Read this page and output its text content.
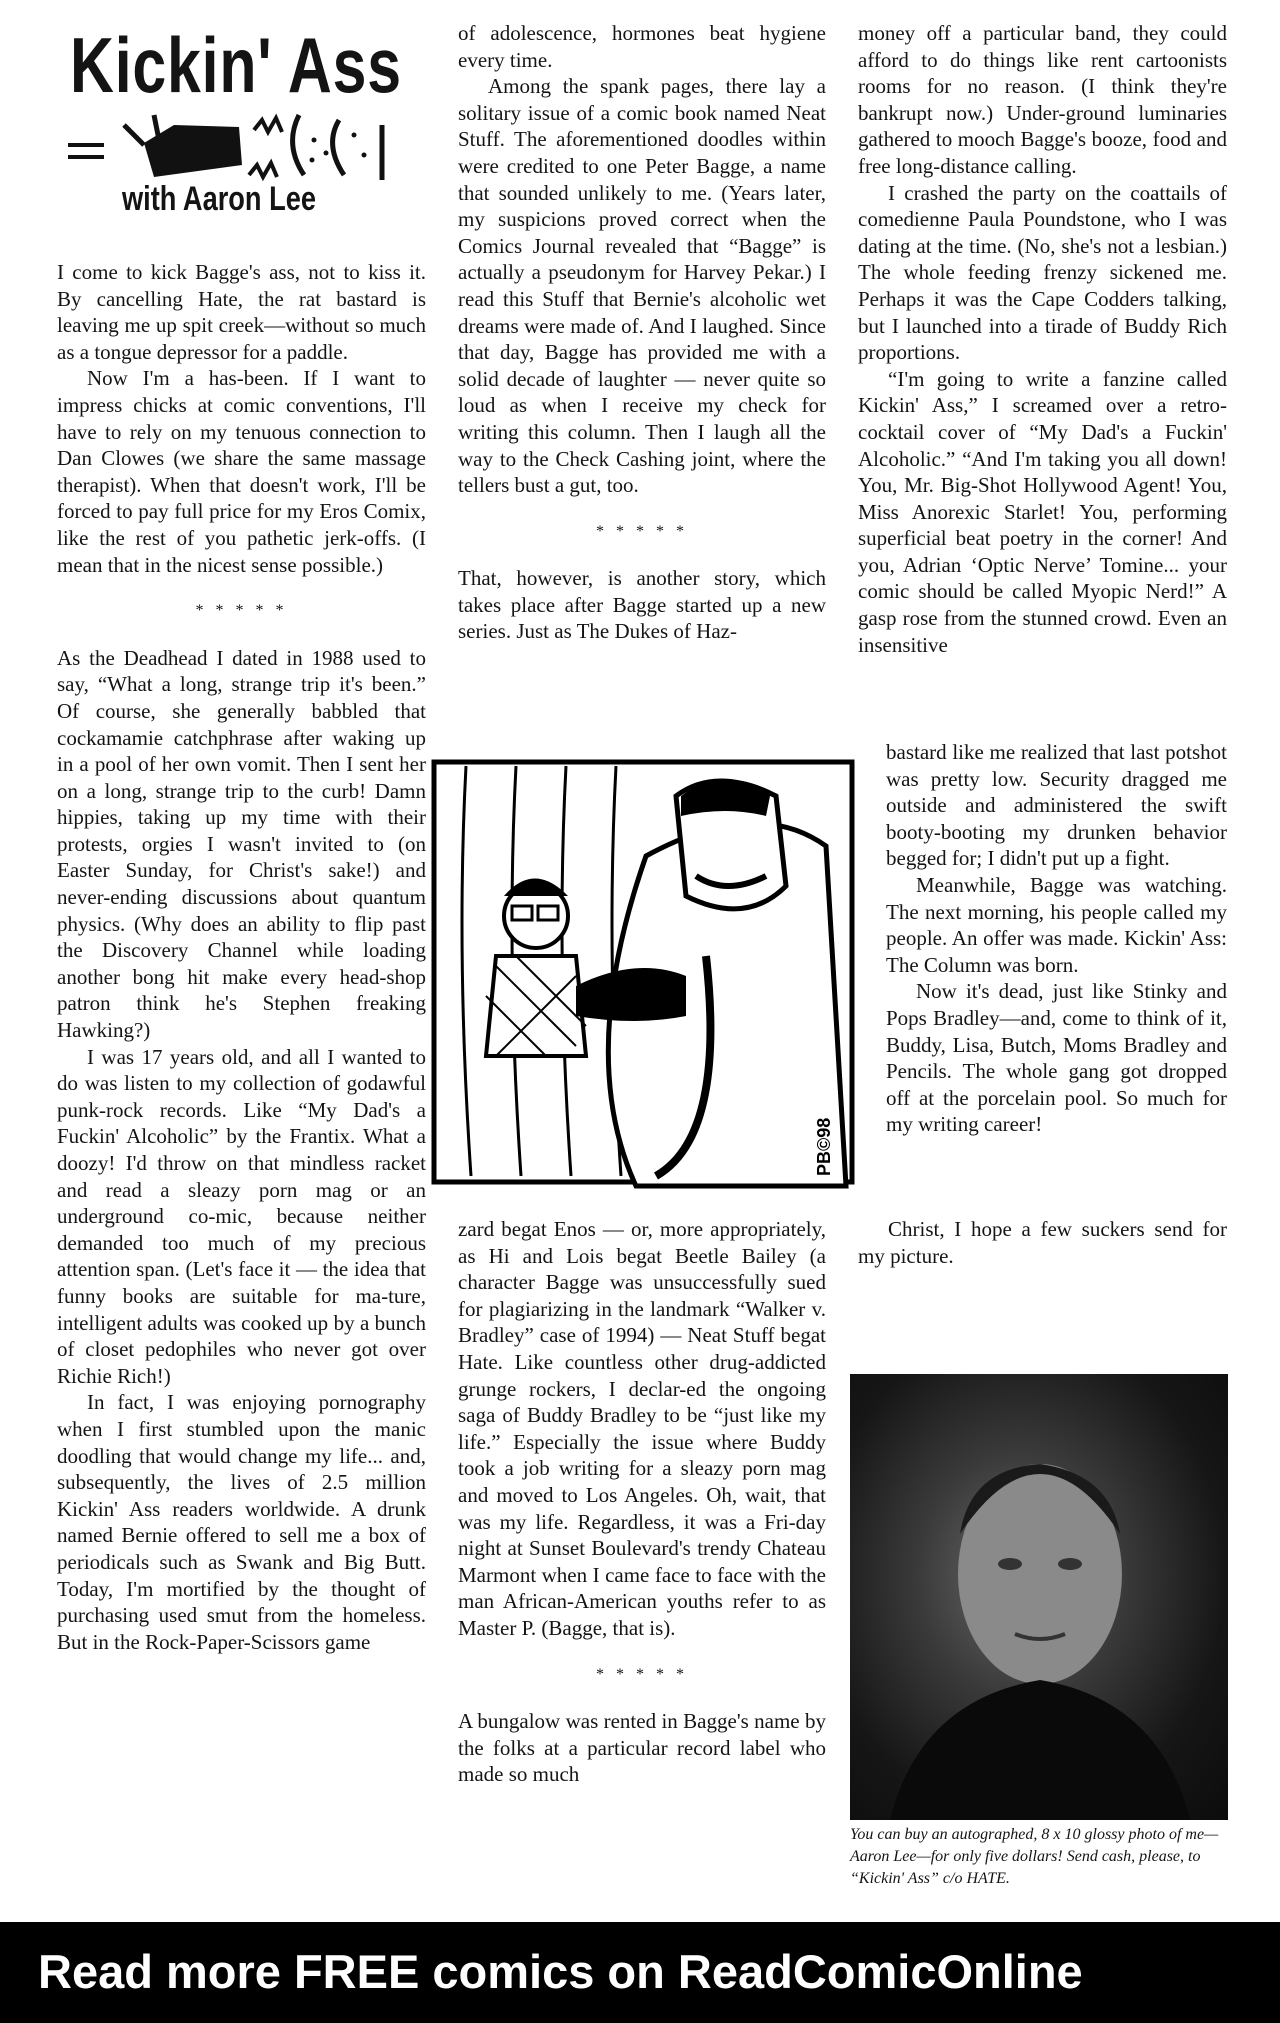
Kickin' Ass
with Aaron Lee

I come to kick Bagge's ass, not to kiss it. By cancelling Hate, the rat bastard is leaving me up spit creek—without so much as a tongue depressor for a paddle.

Now I'm a has-been. If I want to impress chicks at comic conventions, I'll have to rely on my tenuous connection to Dan Clowes (we share the same massage therapist). When that doesn't work, I'll be forced to pay full price for my Eros Comix, like the rest of you pathetic jerk-offs. (I mean that in the nicest sense possible.)

* * * * *

As the Deadhead I dated in 1988 used to say, “What a long, strange trip it's been.” Of course, she generally babbled that cockamamie catchphrase after waking up in a pool of her own vomit. Then I sent her on a long, strange trip to the curb! Damn hippies, taking up my time with their protests, orgies I wasn't invited to (on Easter Sunday, for Christ's sake!) and never-ending discussions about quantum physics. (Why does an ability to flip past the Discovery Channel while loading another bong hit make every head-shop patron think he's Stephen freaking Hawking?)

I was 17 years old, and all I wanted to do was listen to my collection of godawful punk-rock records. Like “My Dad's a Fuckin' Alcoholic” by the Frantix. What a doozy! I'd throw on that mindless racket and read a sleazy porn mag or an underground co-mic, because neither demanded too much of my precious attention span. (Let's face it — the idea that funny books are suitable for ma-ture, intelligent adults was cooked up by a bunch of closet pedophiles who never got over Richie Rich!)

In fact, I was enjoying pornography when I first stumbled upon the manic doodling that would change my life... and, subsequently, the lives of 2.5 million Kickin' Ass readers worldwide. A drunk named Bernie offered to sell me a box of periodicals such as Swank and Big Butt. Today, I'm mortified by the thought of purchasing used smut from the homeless. But in the Rock-Paper-Scissors game

of adolescence, hormones beat hygiene every time.

Among the spank pages, there lay a solitary issue of a comic book named Neat Stuff. The aforementioned doodles within were credited to one Peter Bagge, a name that sounded unlikely to me. (Years later, my suspicions proved correct when the Comics Journal revealed that “Bagge” is actually a pseudonym for Harvey Pekar.) I read this Stuff that Bernie's alcoholic wet dreams were made of. And I laughed. Since that day, Bagge has provided me with a solid decade of laughter — never quite so loud as when I receive my check for writing this column. Then I laugh all the way to the Check Cashing joint, where the tellers bust a gut, too.

* * * * *

That, however, is another story, which takes place after Bagge started up a new series. Just as The Dukes of Haz-

PB©98

zard begat Enos — or, more appropriately, as Hi and Lois begat Beetle Bailey (a character Bagge was unsuccessfully sued for plagiarizing in the landmark “Walker v. Bradley” case of 1994) — Neat Stuff begat Hate. Like countless other drug-addicted grunge rockers, I declar-ed the ongoing saga of Buddy Bradley to be “just like my life.” Especially the issue where Buddy took a job writing for a sleazy porn mag and moved to Los Angeles. Oh, wait, that was my life. Regardless, it was a Fri-day night at Sunset Boulevard's trendy Chateau Marmont when I came face to face with the man African-American youths refer to as Master P. (Bagge, that is).

* * * * *

A bungalow was rented in Bagge's name by the folks at a particular record label who made so much

money off a particular band, they could afford to do things like rent cartoonists rooms for no reason. (I think they're bankrupt now.) Under-ground luminaries gathered to mooch Bagge's booze, food and free long-distance calling.

I crashed the party on the coattails of comedienne Paula Poundstone, who I was dating at the time. (No, she's not a lesbian.) The whole feeding frenzy sickened me. Perhaps it was the Cape Codders talking, but I launched into a tirade of Buddy Rich proportions.

“I'm going to write a fanzine called Kickin' Ass,” I screamed over a retro-cocktail cover of “My Dad's a Fuckin' Alcoholic.” “And I'm taking you all down! You, Mr. Big-Shot Hollywood Agent! You, Miss Anorexic Starlet! You, performing superficial beat poetry in the corner! And you, Adrian ‘Optic Nerve’ Tomine... your comic should be called Myopic Nerd!” A gasp rose from the stunned crowd. Even an insensitive

bastard like me realized that last potshot was pretty low. Security dragged me outside and administered the swift booty-booting my drunken behavior begged for; I didn't put up a fight.

Meanwhile, Bagge was watching. The next morning, his people called my people. An offer was made. Kickin' Ass: The Column was born.

Now it's dead, just like Stinky and Pops Bradley—and, come to think of it, Buddy, Lisa, Butch, Moms Bradley and Pencils. The whole gang got dropped off at the porcelain pool. So much for my writing career!

Christ, I hope a few suckers send for my picture.

You can buy an autographed, 8 x 10 glossy photo of me—Aaron Lee—for only five dollars! Send cash, please, to “Kickin' Ass” c/o HATE.
Read more FREE comics on ReadComicOnline
